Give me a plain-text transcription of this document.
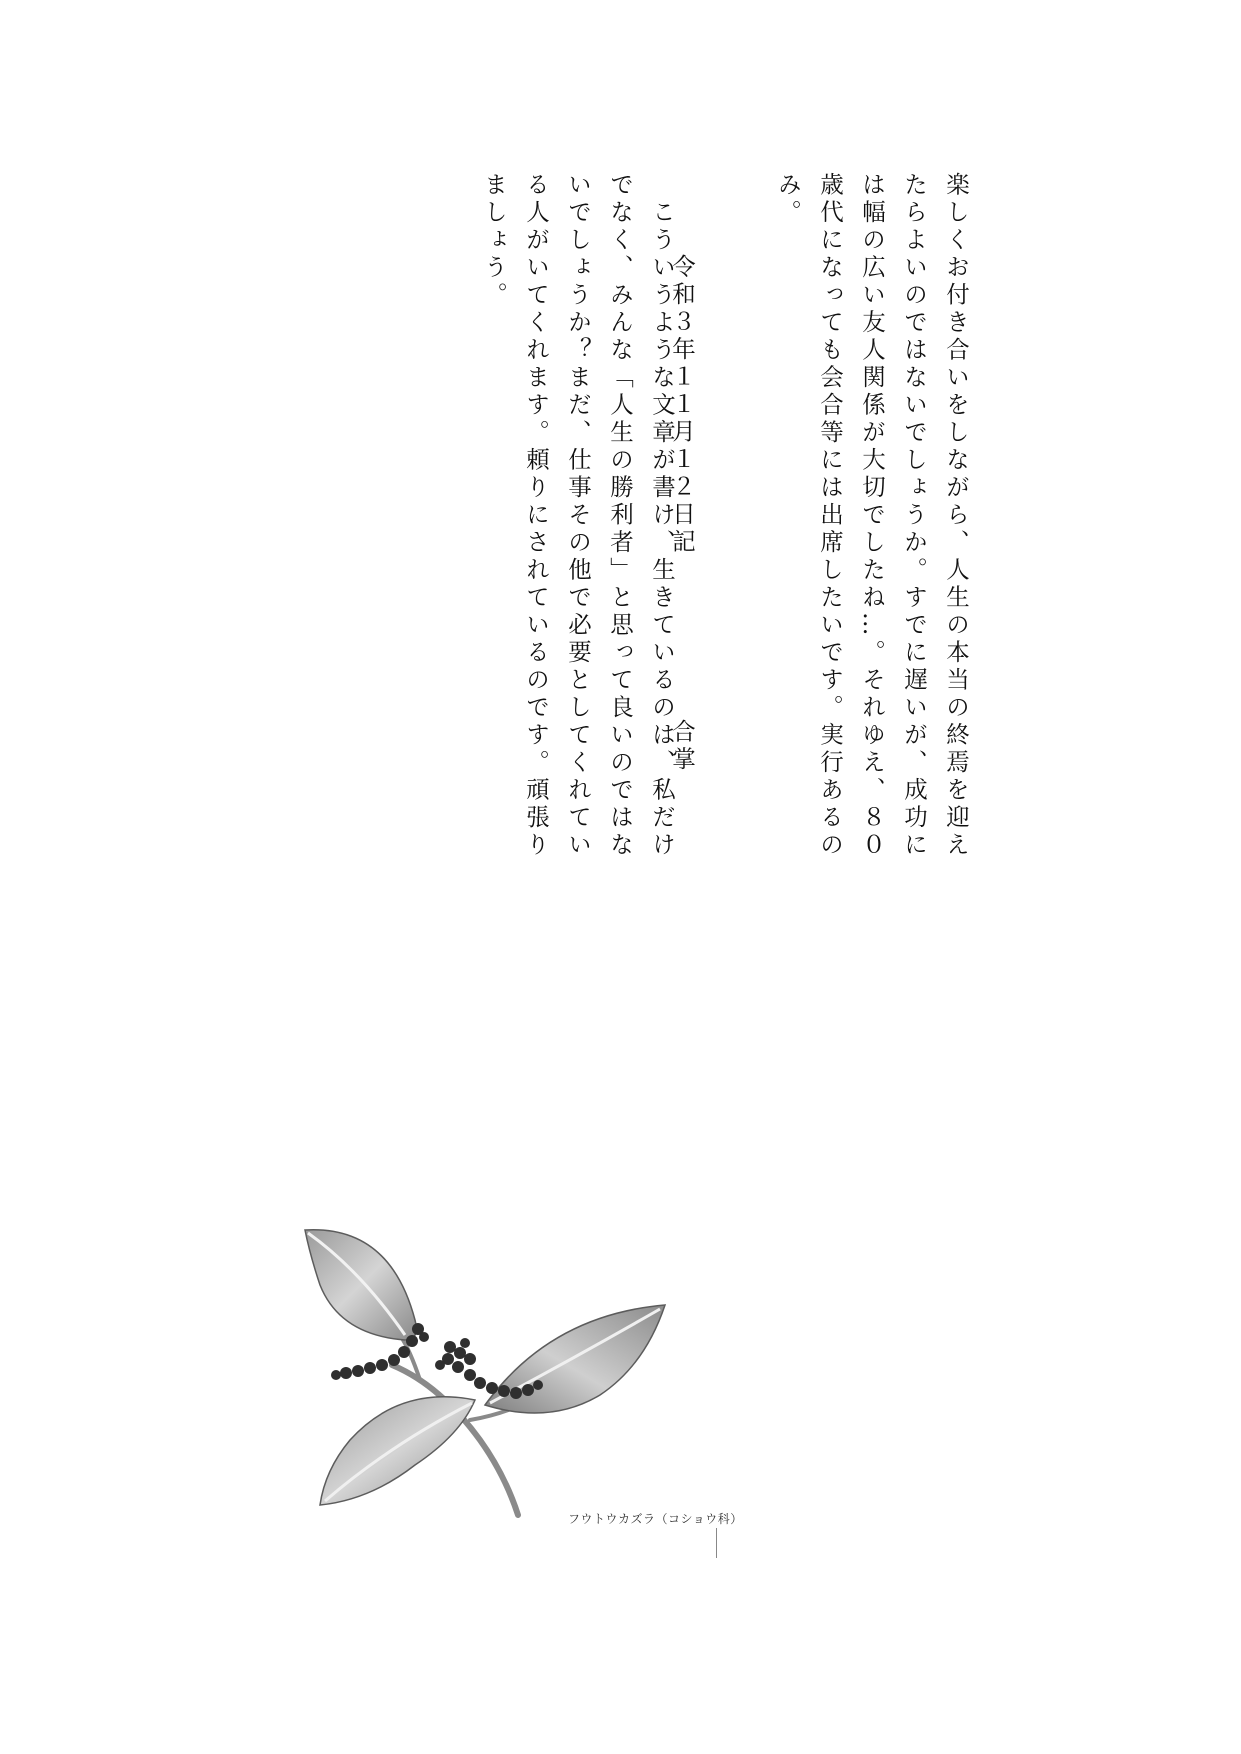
楽しくお付き合いをしながら、人生の本当の終焉を迎えたらよいのではないでしょうか。すでに遅いが、成功には幅の広い友人関係が大切でしたね…。それゆえ、８０歳代になっても会合等には出席したいです。実行あるのみ。

　こういうような文章が書け、生きているのは、私だけでなく、みんな「人生の勝利者」と思って良いのではないでしょうか？まだ、仕事その他で必要としてくれている人がいてくれます。頼りにされているのです。頑張りましょう。

令和３年１１月１２日記
合掌
フウトウカズラ（コショウ科）
